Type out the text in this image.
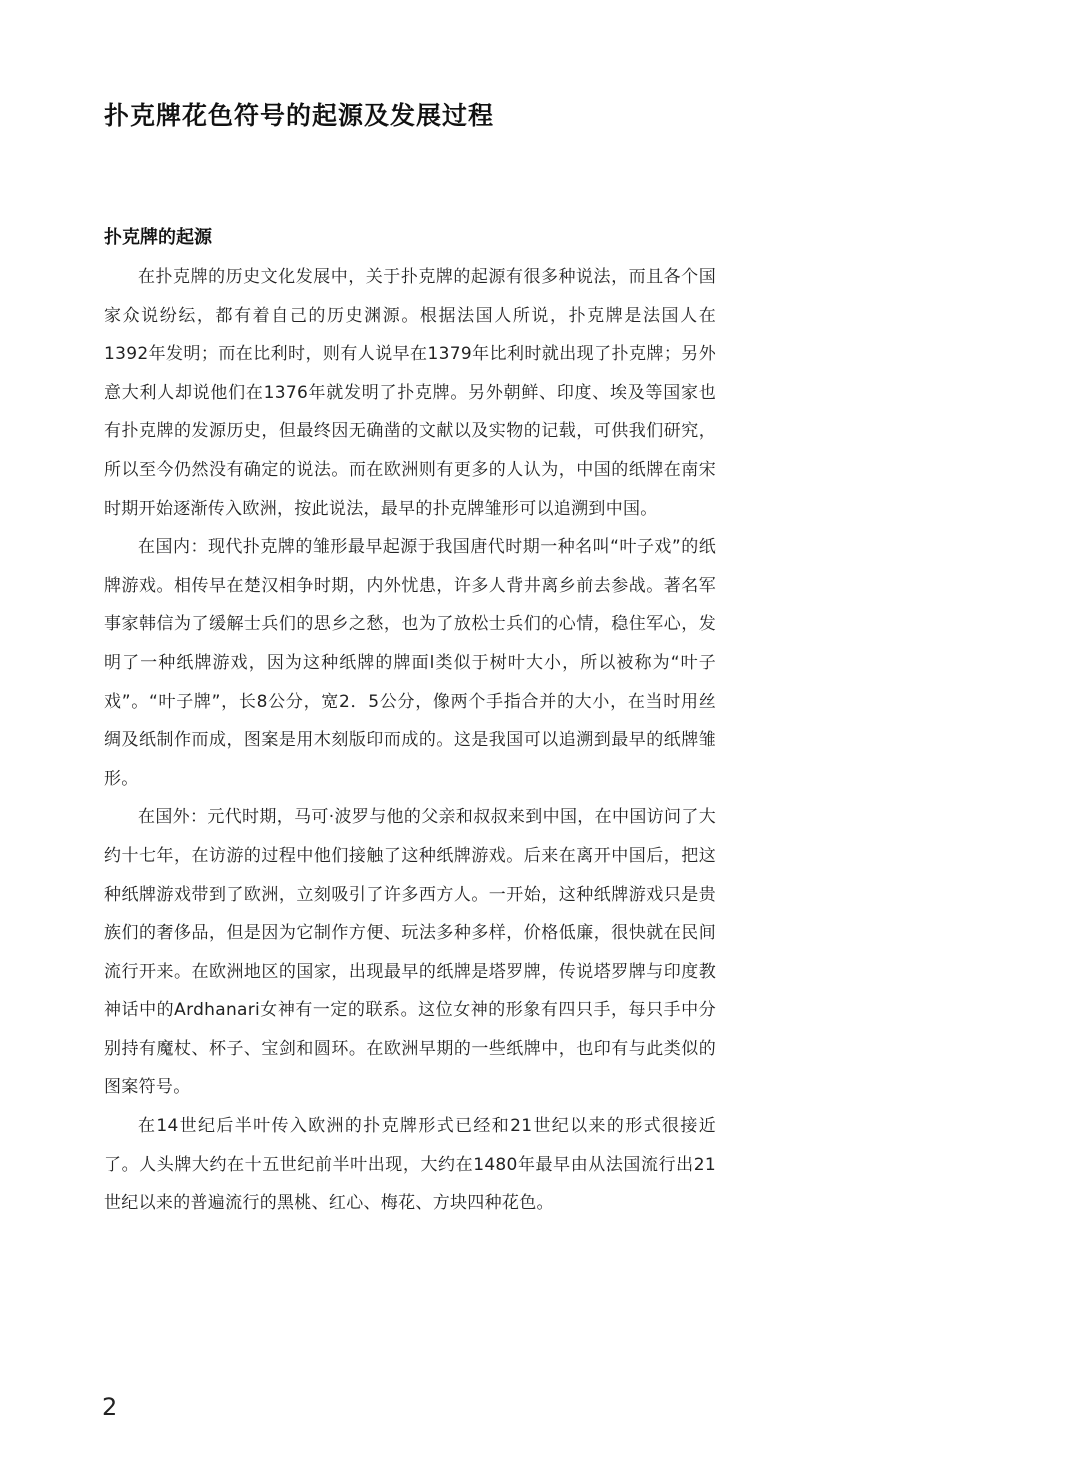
扑克牌花色符号的起源及发展过程
扑克牌的起源

在扑克牌的历史文化发展中，关于扑克牌的起源有很多种说法，而且各个国家众说纷纭，都有着自己的历史渊源。根据法国人所说，扑克牌是法国人在1392年发明；而在比利时，则有人说早在1379年比利时就出现了扑克牌；另外意大利人却说他们在1376年就发明了扑克牌。另外朝鲜、印度、埃及等国家也有扑克牌的发源历史，但最终因无确凿的文献以及实物的记载，可供我们研究，所以至今仍然没有确定的说法。而在欧洲则有更多的人认为，中国的纸牌在南宋时期开始逐渐传入欧洲，按此说法，最早的扑克牌雏形可以追溯到中国。

在国内：现代扑克牌的雏形最早起源于我国唐代时期一种名叫“叶子戏”的纸牌游戏。相传早在楚汉相争时期，内外忧患，许多人背井离乡前去参战。著名军事家韩信为了缓解士兵们的思乡之愁，也为了放松士兵们的心情，稳住军心，发明了一种纸牌游戏，因为这种纸牌的牌面l类似于树叶大小，所以被称为“叶子戏”。“叶子牌”，长8公分，宽2．5公分，像两个手指合并的大小，在当时用丝绸及纸制作而成，图案是用木刻版印而成的。这是我国可以追溯到最早的纸牌雏形。

在国外：元代时期，马可·波罗与他的父亲和叔叔来到中国，在中国访问了大约十七年，在访游的过程中他们接触了这种纸牌游戏。后来在离开中国后，把这种纸牌游戏带到了欧洲，立刻吸引了许多西方人。一开始，这种纸牌游戏只是贵族们的奢侈品，但是因为它制作方便、玩法多种多样，价格低廉，很快就在民间流行开来。在欧洲地区的国家，出现最早的纸牌是塔罗牌，传说塔罗牌与印度教神话中的Ardhanari女神有一定的联系。这位女神的形象有四只手，每只手中分别持有魔杖、杯子、宝剑和圆环。在欧洲早期的一些纸牌中，也印有与此类似的图案符号。

在14世纪后半叶传入欧洲的扑克牌形式已经和21世纪以来的形式很接近了。人头牌大约在十五世纪前半叶出现，大约在1480年最早由从法国流行出21世纪以来的普遍流行的黑桃、红心、梅花、方块四种花色。

2
